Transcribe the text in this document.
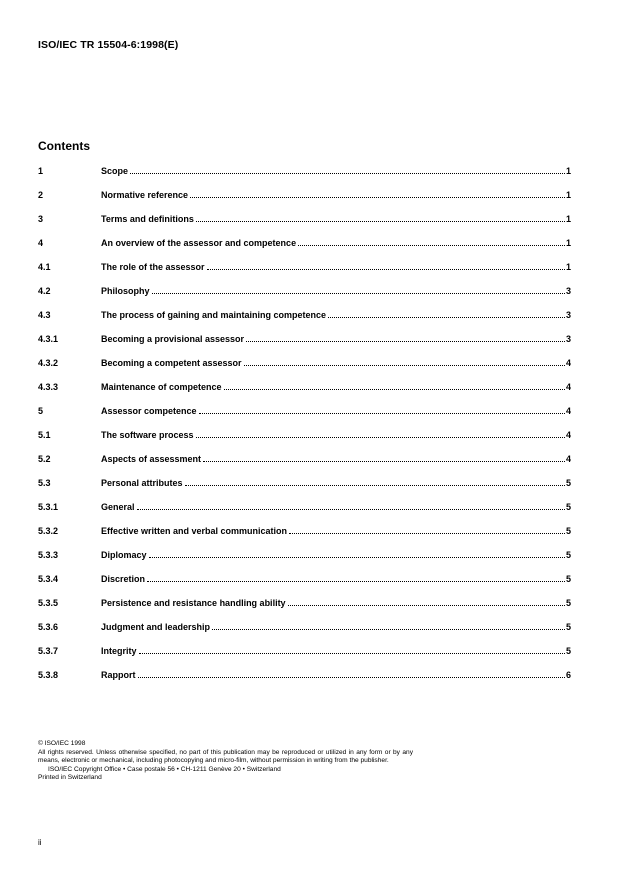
ISO/IEC TR 15504-6:1998(E)
Contents
1	Scope	1
2	Normative reference	1
3	Terms and definitions	1
4	An overview of the assessor and competence	1
4.1	The role of the assessor	1
4.2	Philosophy	3
4.3	The process of gaining and maintaining competence	3
4.3.1	Becoming a provisional assessor	3
4.3.2	Becoming a competent assessor	4
4.3.3	Maintenance of competence	4
5	Assessor competence	4
5.1	The software process	4
5.2	Aspects of assessment	4
5.3	Personal attributes	5
5.3.1	General	5
5.3.2	Effective written and verbal communication	5
5.3.3	Diplomacy	5
5.3.4	Discretion	5
5.3.5	Persistence and resistance handling ability	5
5.3.6	Judgment and leadership	5
5.3.7	Integrity	5
5.3.8	Rapport	6

© ISO/IEC 1998

All rights reserved. Unless otherwise specified, no part of this publication may be reproduced or utilized in any form or by any means, electronic or mechanical, including photocopying and micro-film, without permission in writing from the publisher.

ISO/IEC Copyright Office • Case postale 56 • CH-1211 Genève 20 • Switzerland

Printed in Switzerland

ii
